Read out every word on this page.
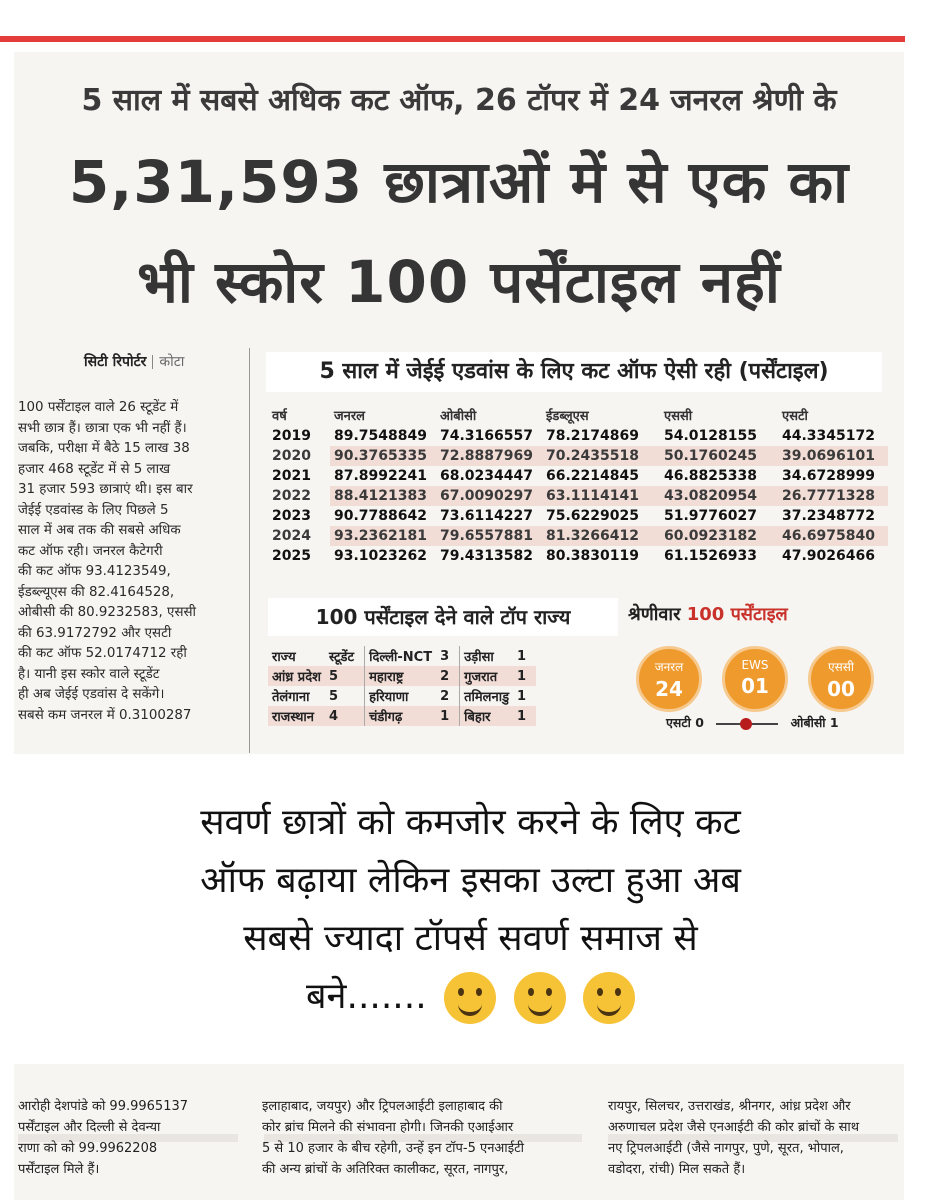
5 साल में सबसे अधिक कट ऑफ, 26 टॉपर में 24 जनरल श्रेणी के
5,31,593 छात्राओं में से एक का
भी स्कोर 100 पर्सेंटाइल नहीं
सिटी रिपोर्टर कोटा

100 पर्सेंटाइल वाले 26 स्टूडेंट में

सभी छात्र हैं। छात्रा एक भी नहीं हैं।

जबकि, परीक्षा में बैठे 15 लाख 38

हजार 468 स्टूडेंट में से 5 लाख

31 हजार 593 छात्राएं थी। इस बार

जेईई एडवांस्ड के लिए पिछले 5

साल में अब तक की सबसे अधिक

कट ऑफ रही। जनरल कैटेगरी

की कट ऑफ 93.4123549,

ईडब्ल्यूएस की 82.4164528,

ओबीसी की 80.9232583, एससी

की 63.9172792 और एसटी

की कट ऑफ 52.0174712 रही

है। यानी इस स्कोर वाले स्टूडेंट

ही अब जेईई एडवांस दे सकेंगे।

सबसे कम जनरल में 0.3100287

5 साल में जेईई एडवांस के लिए कट ऑफ ऐसी रही (पर्सेंटाइल)
वर्ष	जनरल	ओबीसी	ईडब्लूएस	एससी	एसटी
2019	89.7548849	74.3166557	78.2174869	54.0128155	44.3345172
2020	90.3765335	72.8887969	70.2435518	50.1760245	39.0696101
2021	87.8992241	68.0234447	66.2214845	46.8825338	34.6728999
2022	88.4121383	67.0090297	63.1114141	43.0820954	26.7771328
2023	90.7788642	73.6114227	75.6229025	51.9776027	37.2348772
2024	93.2362181	79.6557881	81.3266412	60.0923182	46.6975840
2025	93.1023262	79.4313582	80.3830119	61.1526933	47.9026466
100 पर्सेंटाइल देने वाले टॉप राज्य
राज्य	स्टूडेंट	दिल्ली-NCT	3	उड़ीसा	1
आंध्र प्रदेश	5	महाराष्ट्र	2	गुजरात	1
तेलंगाना	5	हरियाणा	2	तमिलनाडु	1
राजस्थान	4	चंडीगढ़	1	बिहार	1
श्रेणीवार 100 पर्सेंटाइल
जनरल
24
EWS
01
एससी
00
एसटी 0	ओबीसी 1

सवर्ण छात्रों को कमजोर करने के लिए कट

ऑफ बढ़ाया लेकिन इसका उल्टा हुआ अब

सबसे ज्यादा टॉपर्स सवर्ण समाज से

बने.......

आरोही देशपांडे को 99.9965137

पर्सेंटाइल और दिल्ली से देवन्या

राणा को को 99.9962208

पर्सेंटाइल मिले हैं।

इलाहाबाद, जयपुर) और ट्रिपलआईटी इलाहाबाद की

कोर ब्रांच मिलने की संभावना होगी। जिनकी एआईआर

5 से 10 हजार के बीच रहेगी, उन्हें इन टॉप-5 एनआईटी

की अन्य ब्रांचों के अतिरिक्त कालीकट, सूरत, नागपुर,

रायपुर, सिलचर, उत्तराखंड, श्रीनगर, आंध्र प्रदेश और

अरुणाचल प्रदेश जैसे एनआईटी की कोर ब्रांचों के साथ

नए ट्रिपलआईटी (जैसे नागपुर, पुणे, सूरत, भोपाल,

वडोदरा, रांची) मिल सकते हैं।
